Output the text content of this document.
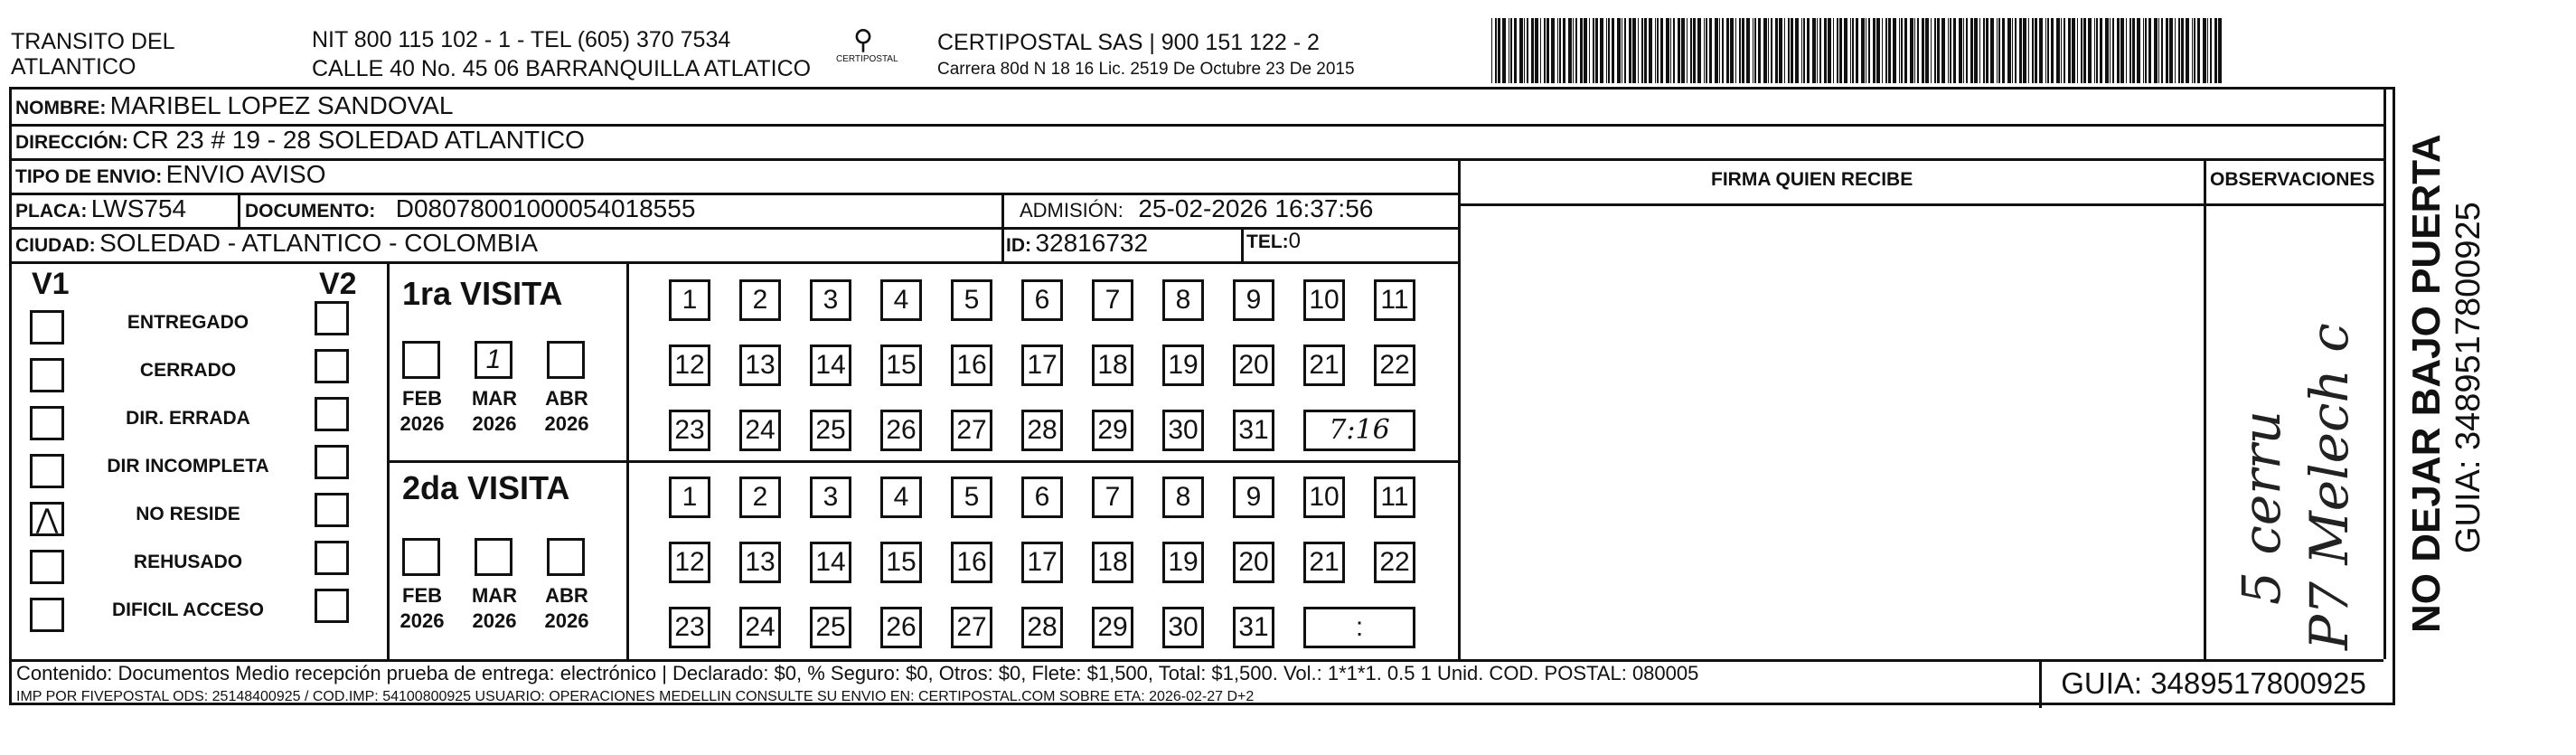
TRANSITO DEL
ATLANTICO
NIT 800 115 102 - 1 - TEL (605) 370 7534
CALLE 40 No. 45 06 BARRANQUILLA ATLATICO
⚲
CERTIPOSTAL
CERTIPOSTAL SAS | 900 151 122 - 2
Carrera 80d N 18 16 Lic. 2519 De Octubre 23 De 2015
NOMBRE: MARIBEL LOPEZ SANDOVAL
DIRECCIÓN: CR 23 # 19 - 28 SOLEDAD ATLANTICO
TIPO DE ENVIO: ENVIO AVISO	FIRMA QUIEN RECIBE	OBSERVACIONES
PLACA: LWS754	DOCUMENTO: D08078001000054018555	ADMISIÓN: 25-02-2026 16:37:56
CIUDAD: SOLEDAD - ATLANTICO - COLOMBIA	ID: 32816732	TEL:0
V1	V2
ENTREGADO
CERRADO
DIR. ERRADA
DIR INCOMPLETA
NO RESIDE
⋀
REHUSADO
DIFICIL ACCESO
1ra VISITA
2da VISITA
FEB
2026
1
MAR
2026
ABR
2026
1	2	3	4	5	6	7	8	9	10 11
12 13 14 15 16 17 18 19 20 21 22
23 24 25 26 27 28 29 30 31	7:16
FEB
2026
MAR
2026
ABR
2026
1	2	3	4	5	6	7	8	9	10 11
12 13 14 15 16 17 18 19 20 21 22
23 24 25 26 27 28 29 30 31	:
5 cerru P7 Melech c
Contenido: Documentos Medio recepción prueba de entrega: electrónico | Declarado: $0, % Seguro: $0, Otros: $0, Flete: $1,500, Total: $1,500. Vol.: 1*1*1. 0.5 1 Unid. COD. POSTAL: 080005
IMP POR FIVEPOSTAL ODS: 25148400925 / COD.IMP: 54100800925 USUARIO: OPERACIONES MEDELLIN CONSULTE SU ENVIO EN: CERTIPOSTAL.COM SOBRE ETA: 2026-02-27 D+2	GUIA: 3489517800925
NO DEJAR BAJO PUERTA GUIA: 3489517800925
